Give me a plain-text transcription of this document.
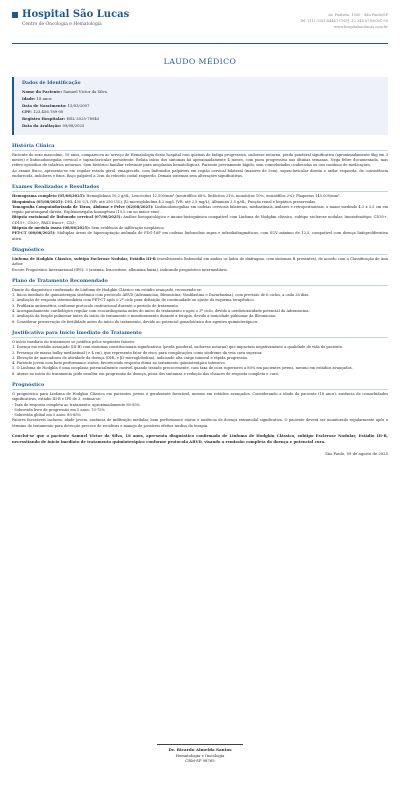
Hospital São Lucas
Centro de Oncologia e Hematologia
Av. Paulista, 1000 - São Paulo/SP
Tel: (11) 3333-4444 | CNPJ: 12.345.678/0001-90
www.hospitalsaolucas.com.br
LAUDO MÉDICO
Dados de Identificação
Nome do Paciente: Samuel Victor da Silva
Idade: 18 anos
Data de Nascimento: 15/03/2007
CPF: 123.456.789-00
Registro Hospitalar: HSL-2025-78945
Data da Avaliação: 09/08/2025
História Clínica

Paciente do sexo masculino, 18 anos, compareceu ao serviço de Hematologia deste hospital com queixas de fadiga progressiva, sudorese noturna, perda ponderal significativa (aproximadamente 8kg em 3 meses) e linfonodomegalia cervical e supraclavicular persistente. Relata início dos sintomas há aproximadamente 4 meses, com piora progressiva nas últimas semanas. Nega febre documentada, mas refere episódios de calafrios noturnos. Sem histórico familiar relevante para neoplasias hematológicas. Paciente previamente hígido, sem comorbidades conhecidas ou uso contínuo de medicações.

Ao exame físico, apresenta-se em regular estado geral, emagrecido, com linfonodos palpáveis em região cervical bilateral (maiores de 3cm), supraclavicular direita e axilar esquerda, de consistência endurecida, indolores e fixos. Baço palpável a 2cm do rebordo costal esquerdo. Demais sistemas sem alterações significativas.

Exames Realizados e Resultados

Hemograma completo (05/08/2025): Hemoglobina 10,2 g/dL; Leucócitos 12.500/mm³ (neutrófilos 68%, linfócitos 21%, monócitos 10%, eosinófilos 2%); Plaquetas 145.000/mm³.

Bioquímica (05/08/2025): DHL 450 U/L (VR: até 250 U/L); β2-microglobulina 4,2 mg/L (VR: até 2,5 mg/L); Albumina 3,5 g/dL; Função renal e hepática preservadas.

Tomografia Computadorizada de Tórax, Abdome e Pelve (02/08/2025): Linfonodomegalias em cadeias cervicais bilaterais, mediastinais, axilares e retroperitoneais, o maior medindo 4,2 x 3,5 cm em região paratraqueal direita. Esplenomegalia homogênea (15,5 cm no maior eixo).

Biópsia excisional de linfonodo cervical (07/08/2025): Análise histopatológica e imuno-histoquímica compatível com Linfoma de Hodgkin clássico, subtipo esclerose nodular. Imunofenótipo: CD30+, CD15+, CD20-, PAX5 fraco+, CD3-.

Biópsia de medula óssea (08/08/2025): Sem evidência de infiltração neoplásica.

PET-CT (08/08/2025): Múltiplas áreas de hipercaptação anômala de FDG-18F em cadeias linfonodais supra e infradiafragmáticas, com SUV máximo de 12,5, compatível com doença linfoproliferativa ativa.

Diagnóstico

Linfoma de Hodgkin Clássico, subtipo Esclerose Nodular, Estádio III-B (envolvimento linfonodal em ambos os lados do diafragma, com sintomas B presentes), de acordo com a Classificação de Ann Arbor.

Escore Prognóstico Internacional (IPS): 3 (anemia, leucocitose, albumina baixa), indicando prognóstico intermediário.

Plano de Tratamento Recomendado

Diante do diagnóstico confirmado de Linfoma de Hodgkin Clássico em estádio avançado, recomenda-se:

1. Início imediato de quimioterapia sistêmica com protocolo ABVD (Adriamicina, Bleomicina, Vimblastina e Dacarbazina), com previsão de 6 ciclos, a cada 28 dias.

2. Avaliação de resposta intermediária com PET-CT após o 2º ciclo para definição de continuidade ou ajuste do esquema terapêutico.

3. Profilaxia antiemética conforme protocolo institucional durante o período de tratamento.

4. Acompanhamento cardiológico regular com ecocardiograma antes do início do tratamento e após o 3º ciclo, devido à cardiotoxicidade potencial da Adriamicina.

5. Avaliação da função pulmonar antes do início do tratamento e monitoramento durante a terapia, devido à toxicidade pulmonar da Bleomicina.

6. Considerar preservação de fertilidade antes do início do tratamento, devido ao potencial gonadotóxico dos agentes quimioterápicos.

Justificativa para Início Imediato do Tratamento

O início imediato do tratamento se justifica pelos seguintes fatores:

1. Doença em estádio avançado (III-B) com sintomas constitucionais significativos (perda ponderal, sudorese noturna) que impactam negativamente a qualidade de vida do paciente.

2. Presença de massa bulky mediastinal (> 4 cm), que representa fator de risco para complicações como síndrome da veia cava superior.

3. Elevação de marcadores de atividade da doença (DHL e β2-microglobulina), indicando alta carga tumoral e rápida progressão.

4. Paciente jovem com bom performance status, favorecendo resposta ótima ao tratamento quimioterápico intensivo.

5. O Linfoma de Hodgkin é uma neoplasia potencialmente curável quando tratado precocemente, com taxa de cura superiores a 80% em pacientes jovens, mesmo em estádios avançados.

6. Atraso no início do tratamento pode resultar em progressão da doença, piora dos sintomas e redução das chances de resposta completa e cura.

Prognóstico

O prognóstico para Linfoma de Hodgkin Clássico em pacientes jovens é geralmente favorável, mesmo em estádios avançados. Considerando a idade do paciente (18 anos), ausência de comorbidades significativas, estádio III-B e IPS de 3, estima-se:

- Taxa de resposta completa ao tratamento: aproximadamente 80-85%

- Sobrevida livre de progressão em 5 anos: 70-75%

- Sobrevida global em 5 anos: 80-85%

Fatores favoráveis incluem: idade jovem, ausência de infiltração medular, bom performance status e ausência de doença extranodal significativa. O paciente deverá ser monitorado regularmente após o término do tratamento para detecção precoce de recidivas e manejo de possíveis efeitos tardios da terapia.

Conclui-se que o paciente Samuel Victor da Silva, 18 anos, apresenta diagnóstico confirmado de Linfoma de Hodgkin Clássico, subtipo Esclerose Nodular, Estádio III-B, necessitando de início imediato de tratamento quimioterápico conforme protocolo ABVD, visando a remissão completa da doença e potencial cura.

São Paulo, 09 de agosto de 2025
Dr. Ricardo Almeida Santos
Hematologia e Oncologia
CRM-SP 98765
